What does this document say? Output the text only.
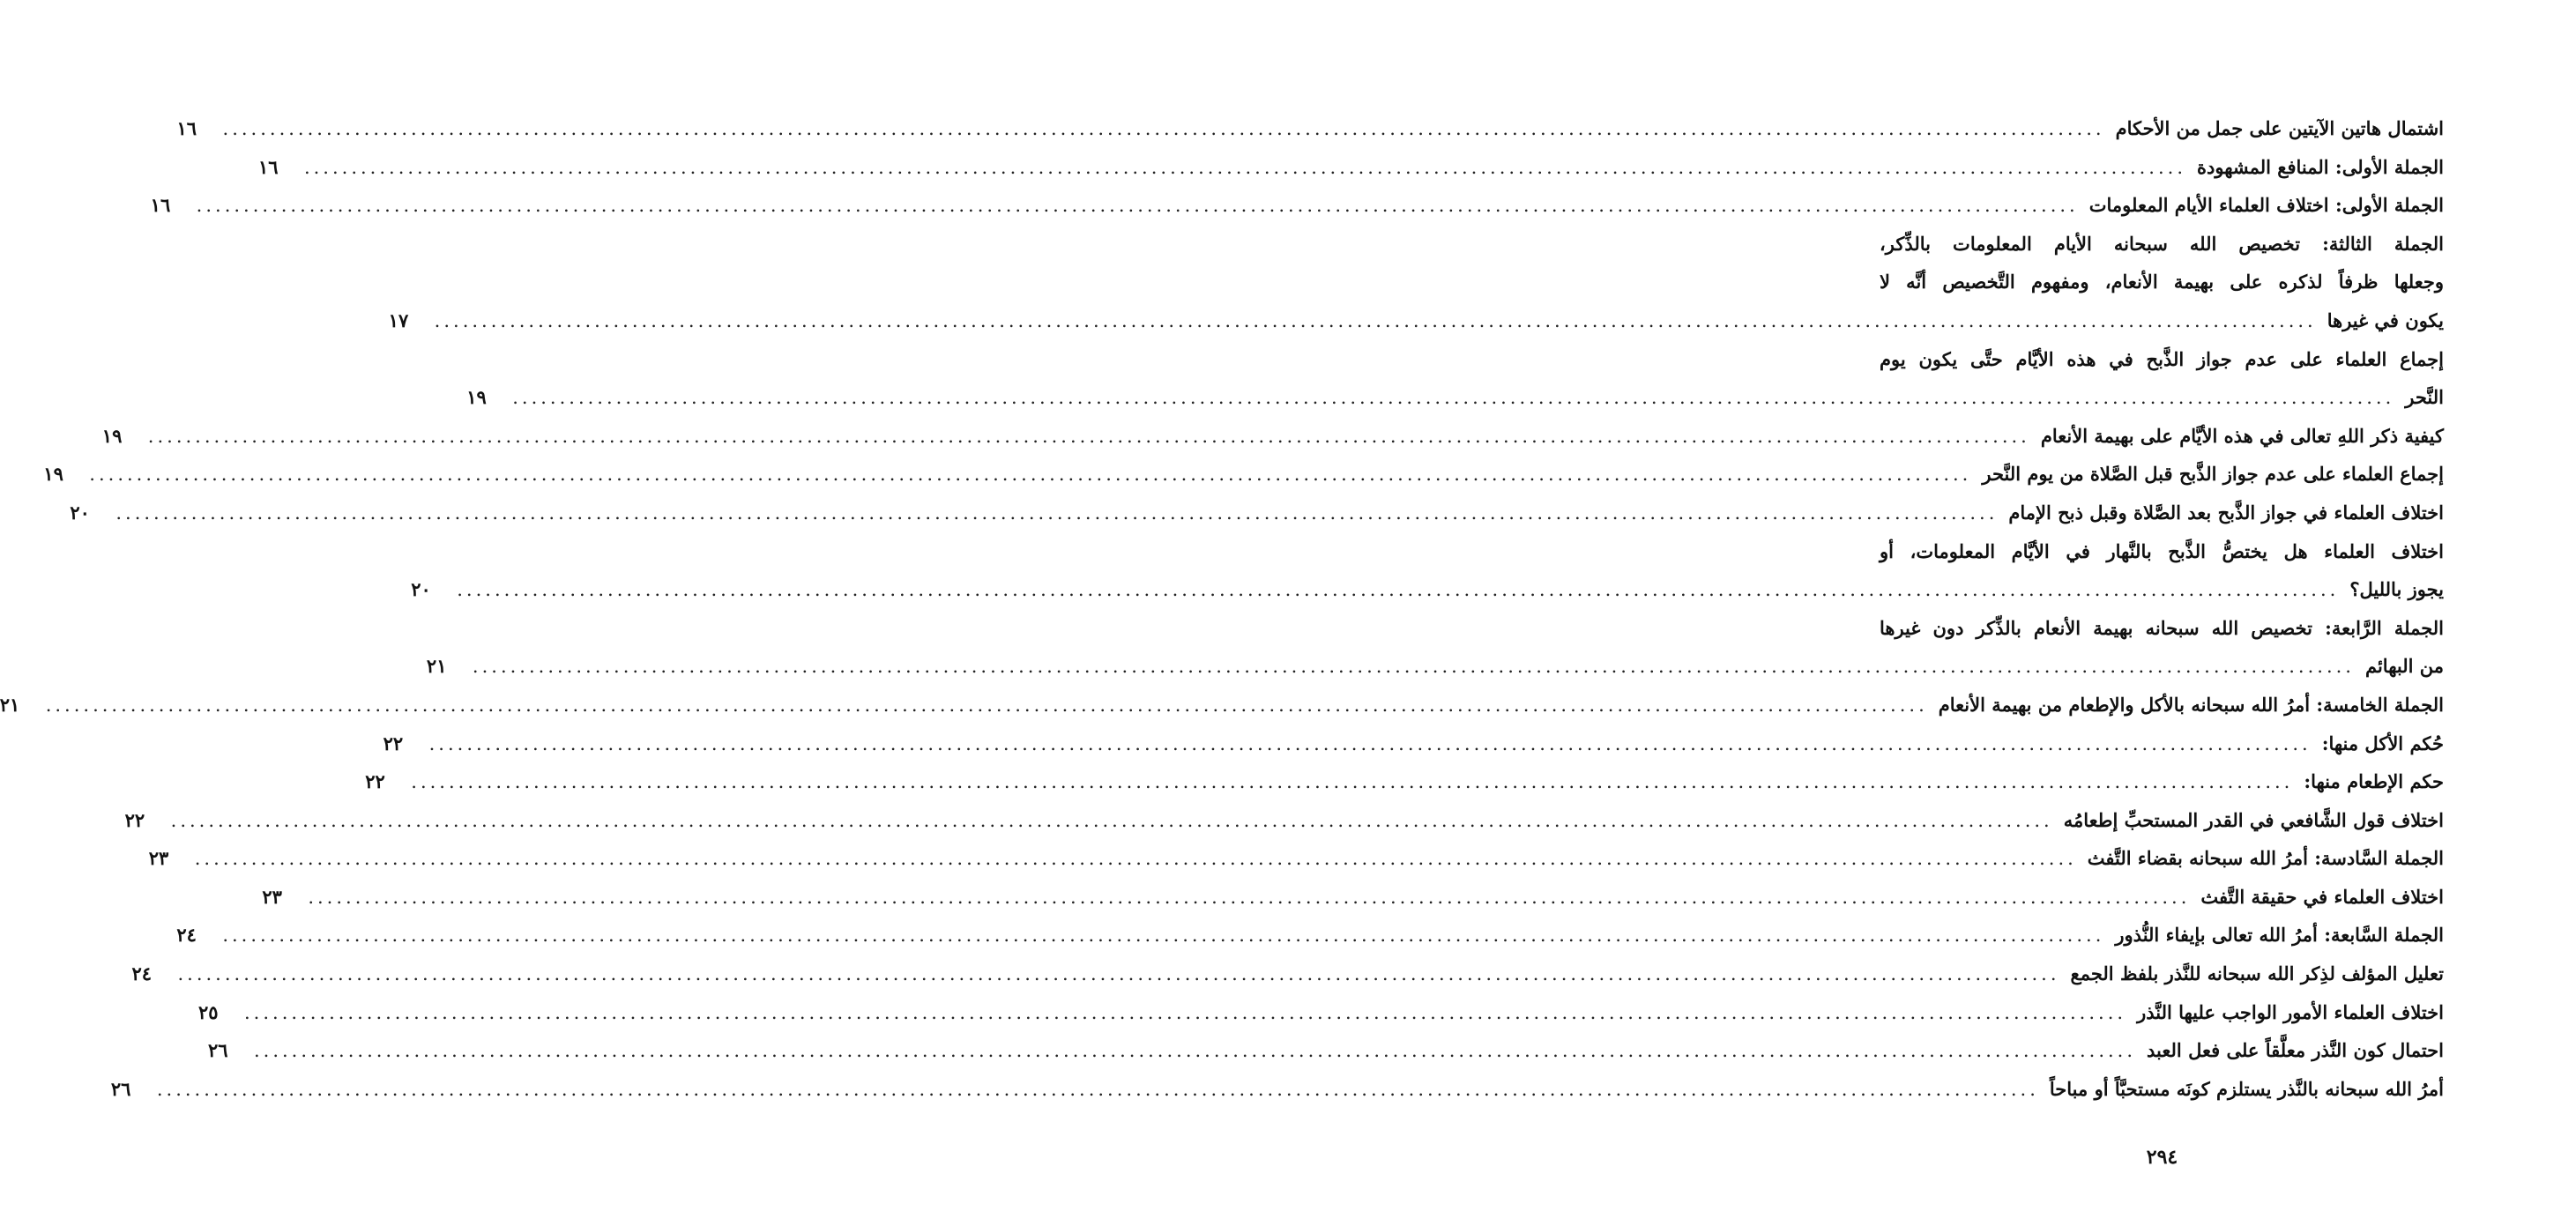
اشتمال هاتين الآيتين على جمل من الأحكام
........................................................................................................................................................................................................
١٦
الجملة الأولى: المنافع المشهودة
........................................................................................................................................................................................................
١٦
الجملة الأولى: اختلاف العلماء الأيام المعلومات
........................................................................................................................................................................................................
١٦
الجملة الثالثة: تخصيص الله سبحانه الأيام المعلومات بالذِّكر،
وجعلها ظرفاً لذكره على بهيمة الأنعام، ومفهوم التَّخصيص أنَّه لا
يكون في غيرها
........................................................................................................................................................................................................
١٧
إجماع العلماء على عدم جواز الذَّبح في هذه الأيَّام حتَّى يكون يوم
النَّحر
........................................................................................................................................................................................................
١٩
كيفية ذكر اللهِ تعالى في هذه الأيَّام على بهيمة الأنعام
........................................................................................................................................................................................................
١٩
إجماع العلماء على عدم جواز الذَّبح قبل الصَّلاة من يوم النَّحر
........................................................................................................................................................................................................
١٩
اختلاف العلماء في جواز الذَّبح بعد الصَّلاة وقبل ذبح الإمام
........................................................................................................................................................................................................
٢٠
اختلاف العلماء هل يختصُّ الذَّبح بالنَّهار في الأيَّام المعلومات، أو
يجوز بالليل؟
........................................................................................................................................................................................................
٢٠
الجملة الرَّابعة: تخصيص الله سبحانه بهيمة الأنعام بالذِّكر دون غيرها
من البهائم
........................................................................................................................................................................................................
٢١
الجملة الخامسة: أمرُ الله سبحانه بالأكل والإطعام من بهيمة الأنعام
........................................................................................................................................................................................................
٢١
حُكم الأكل منها:
........................................................................................................................................................................................................
٢٢
حكم الإطعام منها:
........................................................................................................................................................................................................
٢٢
اختلاف قول الشَّافعي في القدر المستحبِّ إطعامُه
........................................................................................................................................................................................................
٢٢
الجملة السَّادسة: أمرُ الله سبحانه بقضاء التَّفث
........................................................................................................................................................................................................
٢٣
اختلاف العلماء في حقيقة التَّفث
........................................................................................................................................................................................................
٢٣
الجملة السَّابعة: أمرُ الله تعالى بإيفاء النُّذور
........................................................................................................................................................................................................
٢٤
تعليل المؤلف لذِكر الله سبحانه للنَّذر بلفظ الجمع
........................................................................................................................................................................................................
٢٤
اختلاف العلماء الأمور الواجب عليها النَّذر
........................................................................................................................................................................................................
٢٥
احتمال كون النَّذر معلَّقاً على فعل العبد
........................................................................................................................................................................................................
٢٦
أمرُ الله سبحانه بالنَّذر يستلزم كونَه مستحبَّاً أو مباحاً
........................................................................................................................................................................................................
٢٦
٢٩٤
